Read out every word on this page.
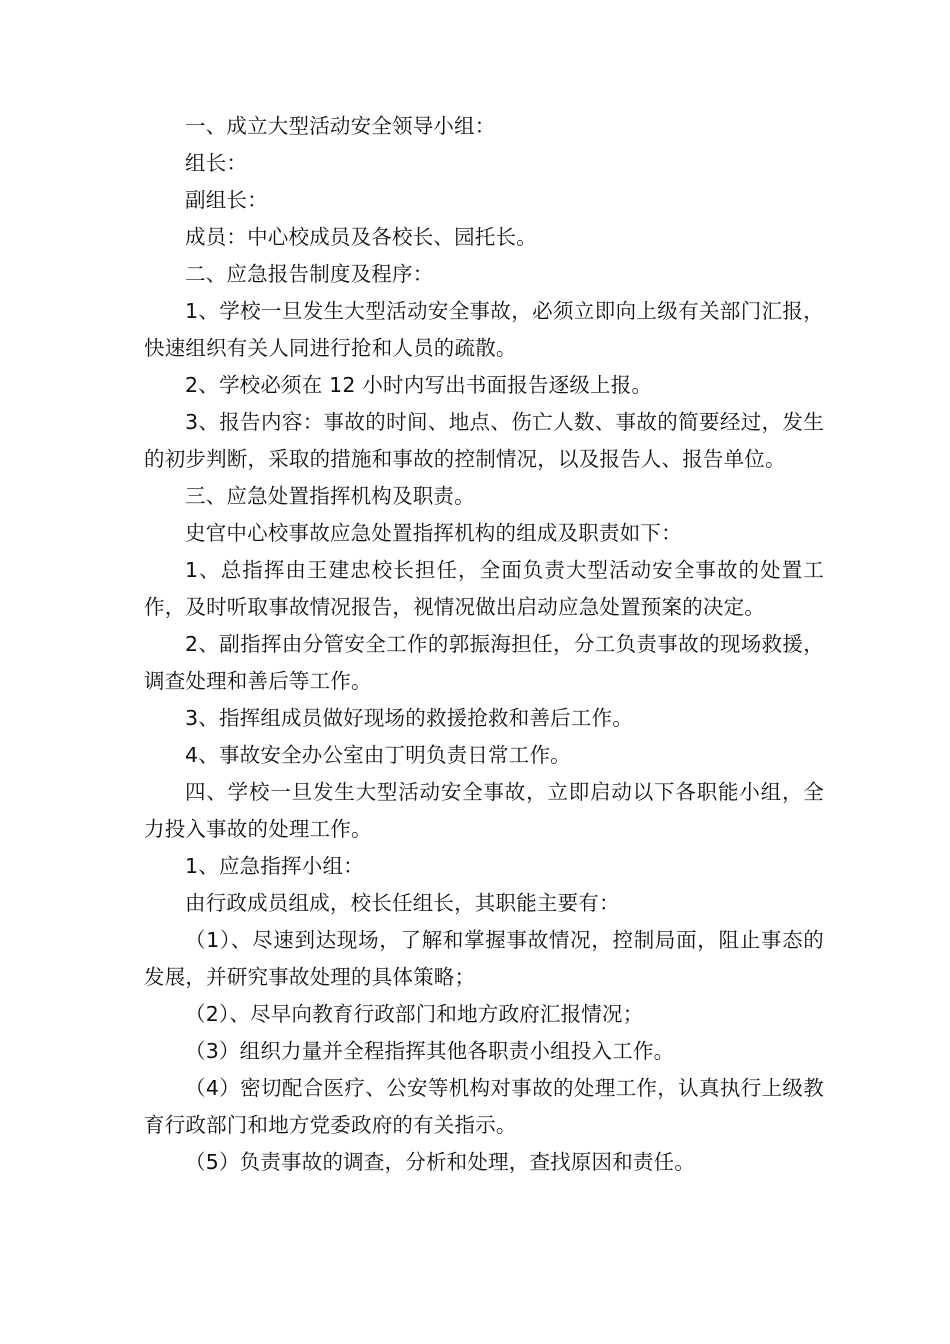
一、成立大型活动安全领导小组：

组长：

副组长：

成员：中心校成员及各校长、园托长。

二、应急报告制度及程序：

1、学校一旦发生大型活动安全事故，必须立即向上级有关部门汇报，快速组织有关人同进行抢和人员的疏散。

2、学校必须在 12 小时内写出书面报告逐级上报。

3、报告内容：事故的时间、地点、伤亡人数、事故的简要经过，发生的初步判断，采取的措施和事故的控制情况，以及报告人、报告单位。

三、应急处置指挥机构及职责。

史官中心校事故应急处置指挥机构的组成及职责如下：

1、总指挥由王建忠校长担任，全面负责大型活动安全事故的处置工作，及时听取事故情况报告，视情况做出启动应急处置预案的决定。

2、副指挥由分管安全工作的郭振海担任，分工负责事故的现场救援，调查处理和善后等工作。

3、指挥组成员做好现场的救援抢救和善后工作。

4、事故安全办公室由丁明负责日常工作。

四、学校一旦发生大型活动安全事故，立即启动以下各职能小组，全力投入事故的处理工作。

1、应急指挥小组：

由行政成员组成，校长任组长，其职能主要有：

（1）、尽速到达现场，了解和掌握事故情况，控制局面，阻止事态的发展，并研究事故处理的具体策略；

（2）、尽早向教育行政部门和地方政府汇报情况；

（3）组织力量并全程指挥其他各职责小组投入工作。

（4）密切配合医疗、公安等机构对事故的处理工作，认真执行上级教育行政部门和地方党委政府的有关指示。

（5）负责事故的调查，分析和处理，查找原因和责任。
